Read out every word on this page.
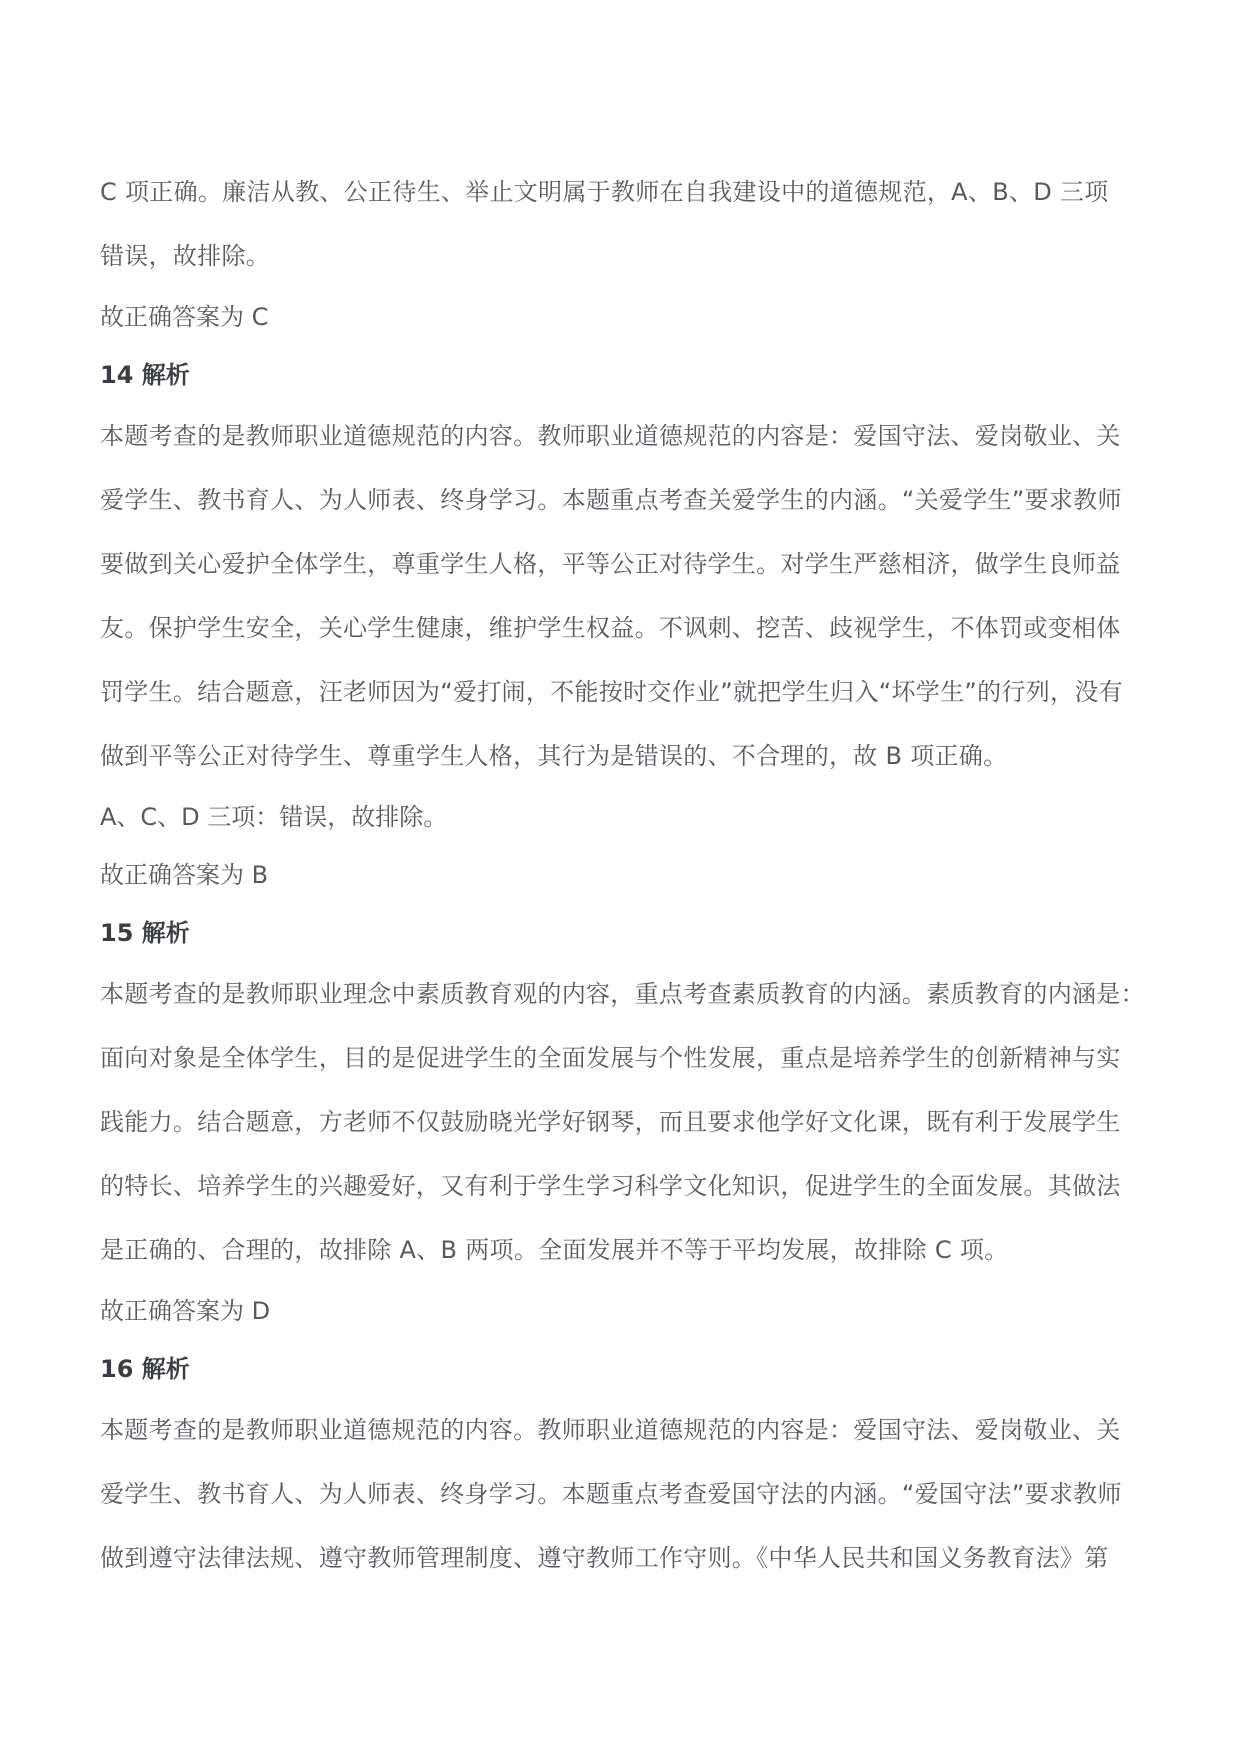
C 项正确。廉洁从教、公正待生、举止文明属于教师在自我建设中的道德规范，A、B、D 三项
错误，故排除。

故正确答案为 C

14 解析

本题考查的是教师职业道德规范的内容。教师职业道德规范的内容是：爱国守法、爱岗敬业、关
爱学生、教书育人、为人师表、终身学习。本题重点考查关爱学生的内涵。“关爱学生”要求教师
要做到关心爱护全体学生，尊重学生人格，平等公正对待学生。对学生严慈相济，做学生良师益
友。保护学生安全，关心学生健康，维护学生权益。不讽刺、挖苦、歧视学生，不体罚或变相体
罚学生。结合题意，汪老师因为“爱打闹，不能按时交作业”就把学生归入“坏学生”的行列，没有
做到平等公正对待学生、尊重学生人格，其行为是错误的、不合理的，故 B 项正确。

A、C、D 三项：错误，故排除。

故正确答案为 B

15 解析

本题考查的是教师职业理念中素质教育观的内容，重点考查素质教育的内涵。素质教育的内涵是：
面向对象是全体学生，目的是促进学生的全面发展与个性发展，重点是培养学生的创新精神与实
践能力。结合题意，方老师不仅鼓励晓光学好钢琴，而且要求他学好文化课，既有利于发展学生
的特长、培养学生的兴趣爱好，又有利于学生学习科学文化知识，促进学生的全面发展。其做法
是正确的、合理的，故排除 A、B 两项。全面发展并不等于平均发展，故排除 C 项。

故正确答案为 D

16 解析

本题考查的是教师职业道德规范的内容。教师职业道德规范的内容是：爱国守法、爱岗敬业、关
爱学生、教书育人、为人师表、终身学习。本题重点考查爱国守法的内涵。“爱国守法”要求教师
做到遵守法律法规、遵守教师管理制度、遵守教师工作守则。《中华人民共和国义务教育法》第
